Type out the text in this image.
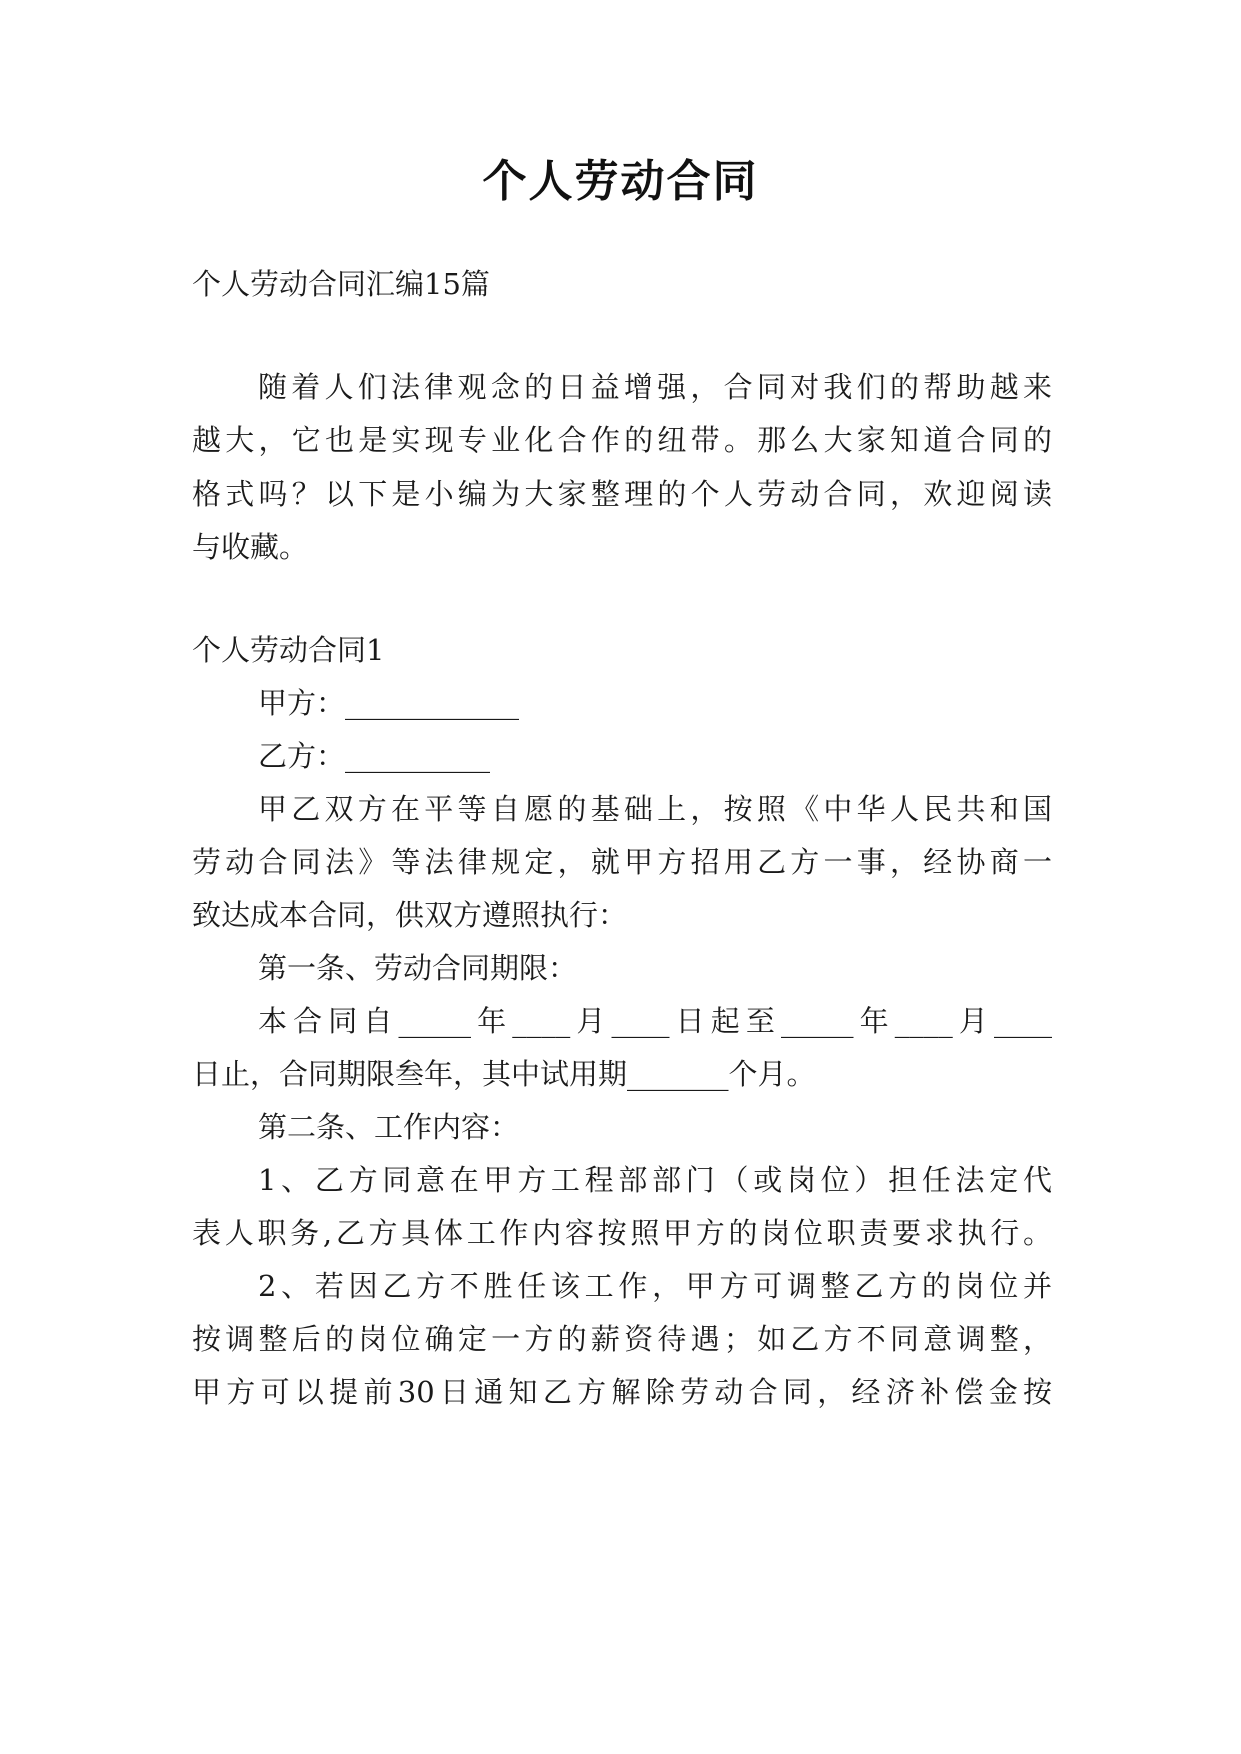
个人劳动合同
个人劳动合同汇编15篇
随着人们法律观念的日益增强，合同对我们的帮助越来
越大，它也是实现专业化合作的纽带。那么大家知道合同的
格式吗？以下是小编为大家整理的个人劳动合同，欢迎阅读
与收藏。
个人劳动合同1
甲方：____________
乙方：__________
甲乙双方在平等自愿的基础上，按照《中华人民共和国
劳动合同法》等法律规定，就甲方招用乙方一事，经协商一
致达成本合同，供双方遵照执行：
第一条、劳动合同期限：
本合同自_____年____月____日起至_____年____月____
日止，合同期限叁年，其中试用期_______个月。
第二条、工作内容：
1、乙方同意在甲方工程部部门（或岗位）担任法定代
表人职务,乙方具体工作内容按照甲方的岗位职责要求执行。
2、若因乙方不胜任该工作，甲方可调整乙方的岗位并
按调整后的岗位确定一方的薪资待遇；如乙方不同意调整，
甲方可以提前30日通知乙方解除劳动合同，经济补偿金按
